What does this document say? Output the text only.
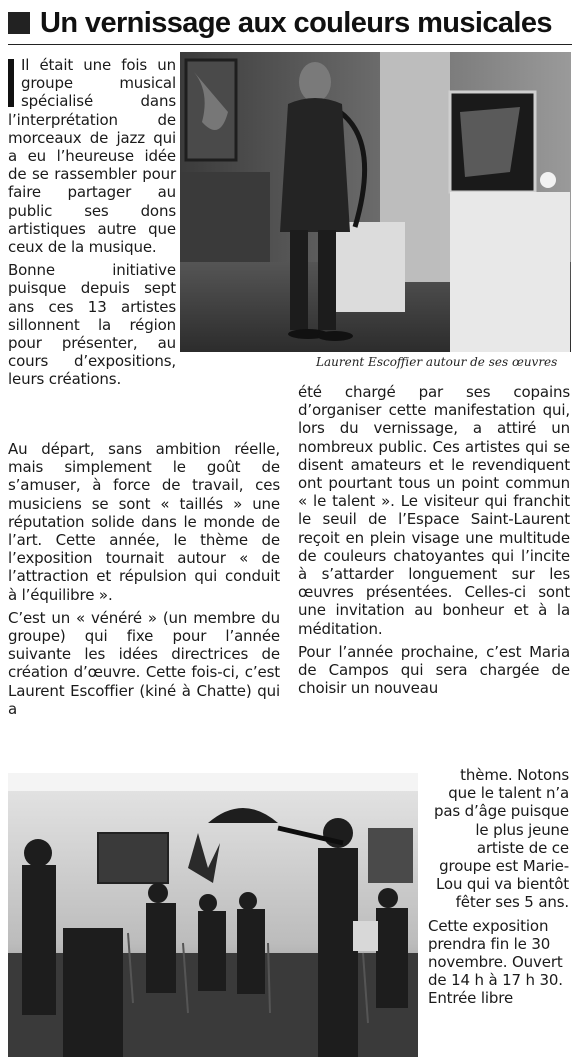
Un vernissage aux couleurs musicales
Laurent Escoffier autour de ses œuvres

Il était une fois un groupe musical spécialisé dans l’interprétation de morceaux de jazz qui a eu l’heureuse idée de se rassembler pour faire partager au public ses dons artistiques autre que ceux de la musique.

Bonne initiative puisque depuis sept ans ces 13 artistes sillonnent la région pour présenter, au cours d’expositions, leurs créations.

Au départ, sans ambition réelle, mais simplement le goût de s’amuser, à force de travail, ces musiciens se sont « taillés » une réputation solide dans le monde de l’art. Cette année, le thème de l’exposition tournait autour « de l’attraction et répulsion qui conduit à l’équilibre ».

C’est un « vénéré » (un membre du groupe) qui fixe pour l’année suivante les idées directrices de création d’œuvre. Cette fois-ci, c’est Laurent Escoffier (kiné à Chatte) qui a

été chargé par ses copains d’organiser cette manifestation qui, lors du vernissage, a attiré un nombreux public. Ces artistes qui se disent amateurs et le revendiquent ont pourtant tous un point commun « le talent ». Le visiteur qui franchit le seuil de l’Espace Saint-Laurent reçoit en plein visage une multitude de couleurs chatoyantes qui l’incite à s’attarder longuement sur les œuvres présentées. Celles-ci sont une invitation au bonheur et à la méditation.

Pour l’année prochaine, c’est Maria de Campos qui sera chargée de choisir un nouveau

thème. Notons que le talent n’a pas d’âge puisque le plus jeune artiste de ce groupe est Marie-Lou qui va bientôt fêter ses 5 ans.

Cette exposition prendra fin le 30 novembre. Ouvert de 14 h à 17 h 30. Entrée libre
